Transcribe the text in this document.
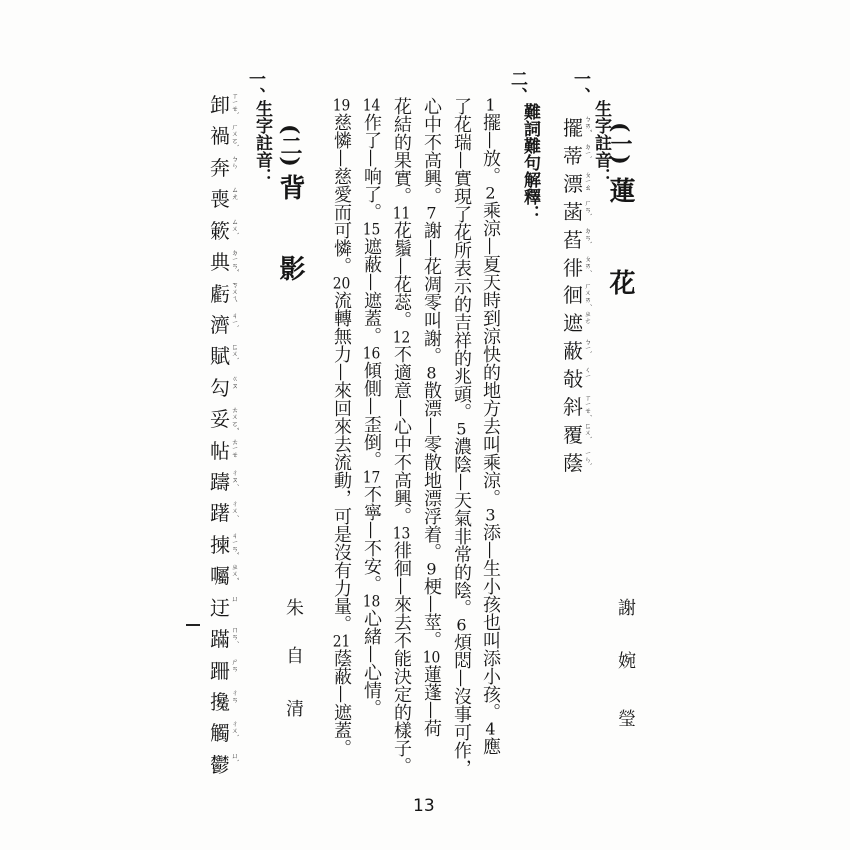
(一)
蓮
花
謝
婉
瑩
一、
生字註音：
擺 ㄅㄞˇ
蒂 ㄉㄧˋ
漂 ㄆㄧㄠ
菡 ㄏㄢˋ
萏 ㄉㄢˋ
徘 ㄆㄞˊ
徊 ㄏㄨㄞˊ
遮 ㄓㄜ
蔽 ㄅㄧˋ
敧 ㄑㄧ
斜 ㄒㄧㄝˊ
覆 ㄈㄨˋ
蔭 ㄧㄣˋ
二、
難詞難句解釋：
1擺—放。2乘涼—夏天時到涼快的地方去叫乘涼。3添—生小孩也叫添小孩。4應
了花瑞—實現了花所表示的吉祥的兆頭。5濃陰—天氣非常的陰。6煩悶—沒事可作，
心中不高興。7謝—花凋零叫謝。8散漂—零散地漂浮着。9梗—莖。10蓮蓬—荷
花結的果實。11花鬚—花蕊。12不適意—心中不高興。13徘徊—來去不能決定的樣子。
14作了—响了。15遮蔽—遮蓋。16傾側—歪倒。17不寧—不安。18心緒—心情。
19慈憐—慈愛而可憐。20流轉無力—來回來去流動，可是沒有力量。21蔭蔽—遮蓋。
(二)
背
影
朱
自
清
一、
生字註音：
卸 ㄒㄧㄝˋ
禍 ㄏㄨㄛˋ
奔 ㄅㄣ
喪 ㄙㄤ
簌 ㄙㄨˋ
典 ㄉㄧㄢˇ
虧 ㄎㄨㄟ
濟 ㄐㄧˋ
賦 ㄈㄨˋ
勾 ㄍㄡ
妥 ㄊㄨㄛˇ
帖 ㄊㄧㄝ
躊 ㄔㄡˊ
躇 ㄔㄨˊ
揀 ㄐㄧㄢˇ
囑 ㄓㄨˇ
迂 ㄩ
蹣 ㄇㄢˊ
跚 ㄕㄢ
攙 ㄔㄢ
觸 ㄔㄨˋ
鬱 ㄩˋ
13
